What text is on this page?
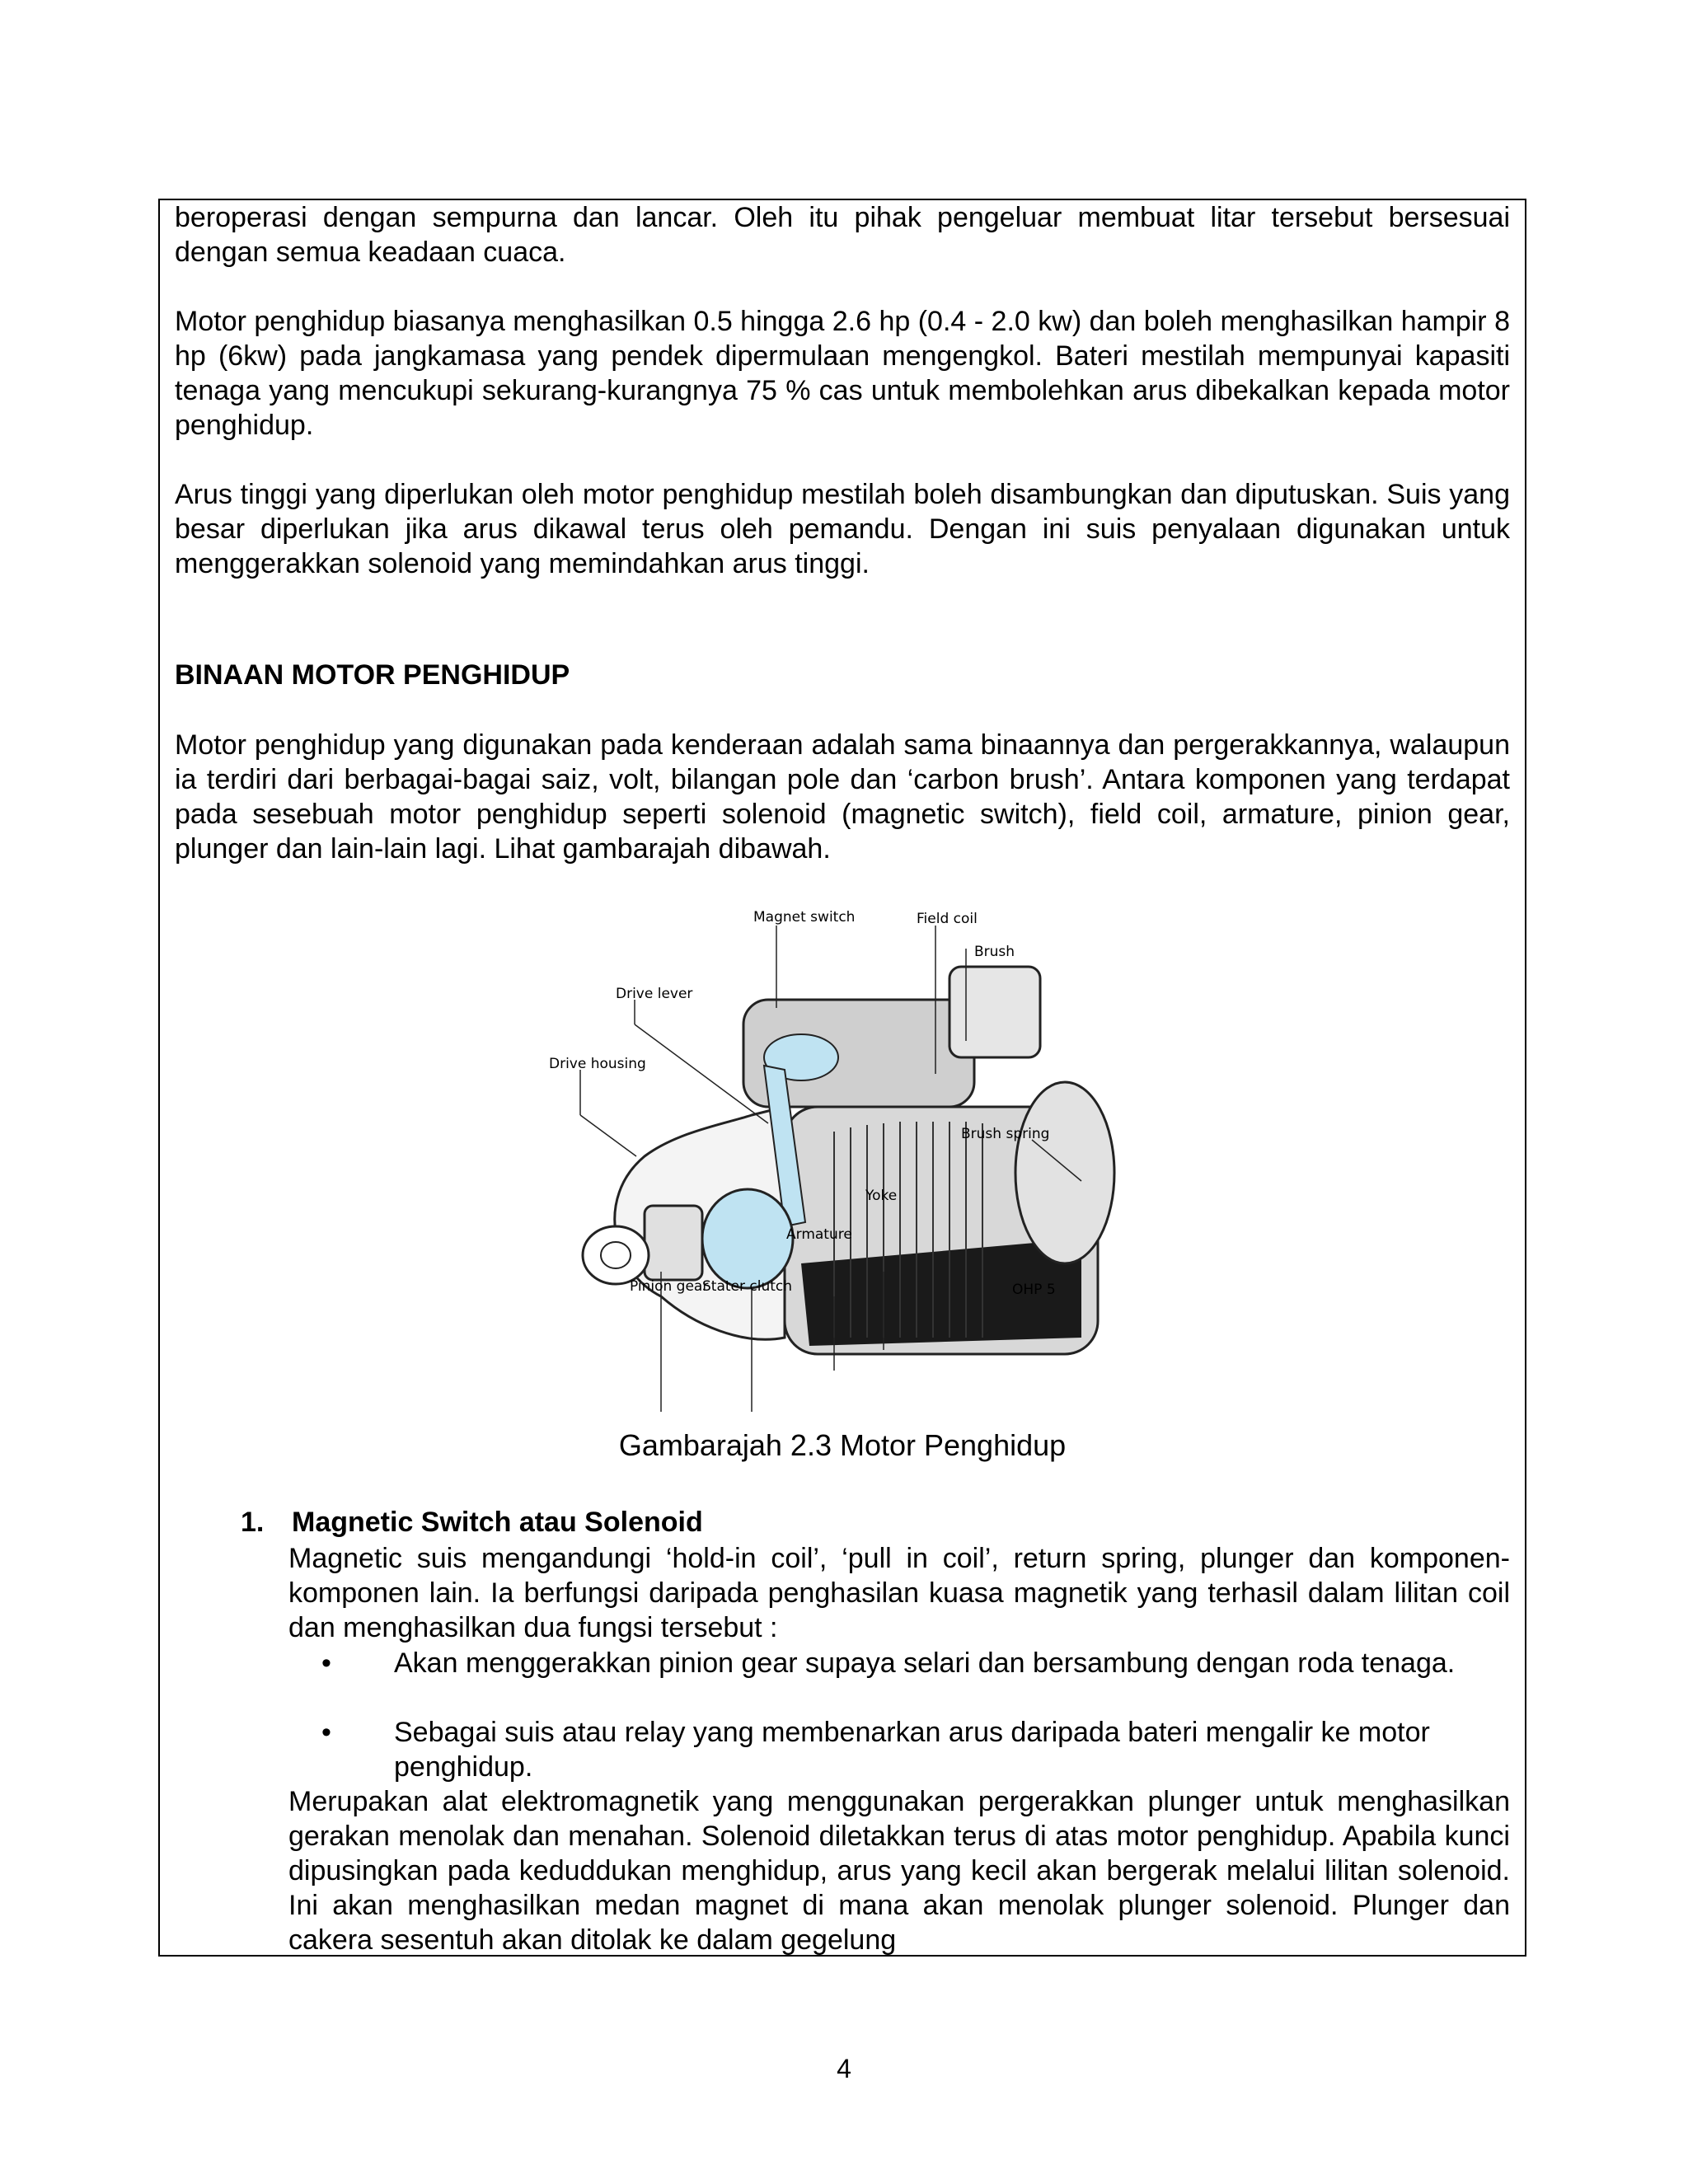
beroperasi dengan sempurna dan lancar. Oleh itu pihak pengeluar membuat litar tersebut bersesuai dengan semua keadaan cuaca.

Motor penghidup biasanya menghasilkan 0.5 hingga 2.6 hp (0.4 - 2.0 kw) dan boleh menghasilkan hampir 8 hp (6kw) pada jangkamasa yang pendek dipermulaan mengengkol. Bateri mestilah mempunyai kapasiti tenaga yang mencukupi sekurang-kurangnya 75 % cas untuk membolehkan arus dibekalkan kepada motor penghidup.

Arus tinggi yang diperlukan oleh motor penghidup mestilah boleh disambungkan dan diputuskan. Suis yang besar diperlukan jika arus dikawal terus oleh pemandu. Dengan ini suis penyalaan digunakan untuk menggerakkan solenoid yang memindahkan arus tinggi.

BINAAN MOTOR PENGHIDUP

Motor penghidup yang digunakan pada kenderaan adalah sama binaannya dan pergerakkannya, walaupun ia terdiri dari berbagai-bagai saiz, volt, bilangan pole dan ‘carbon brush’. Antara komponen yang terdapat pada sesebuah motor penghidup seperti solenoid (magnetic switch), field coil, armature, pinion gear, plunger dan lain-lain lagi. Lihat gambarajah dibawah.

Magnet switch	Field coil
Brush
Drive lever
Drive housing
Brush spring
Yoke
Armature
Pinion gear
Stater clutch	OHP 5
Gambarajah 2.3 Motor Penghidup
1. Magnetic Switch atau Solenoid

Magnetic suis mengandungi ‘hold-in coil’, ‘pull in coil’, return spring, plunger dan komponen-komponen lain. Ia berfungsi daripada penghasilan kuasa magnetik yang terhasil dalam lilitan coil dan menghasilkan dua fungsi tersebut :

• Akan menggerakkan pinion gear supaya selari dan bersambung dengan roda tenaga.

• Sebagai suis atau relay yang membenarkan arus daripada bateri mengalir ke motor penghidup.

Merupakan alat elektromagnetik yang menggunakan pergerakkan plunger untuk menghasilkan gerakan menolak dan menahan. Solenoid diletakkan terus di atas motor penghidup. Apabila kunci dipusingkan pada keduddukan menghidup, arus yang kecil akan bergerak melalui lilitan solenoid. Ini akan menghasilkan medan magnet di mana akan menolak plunger solenoid. Plunger dan cakera sesentuh akan ditolak ke dalam gegelung

4
